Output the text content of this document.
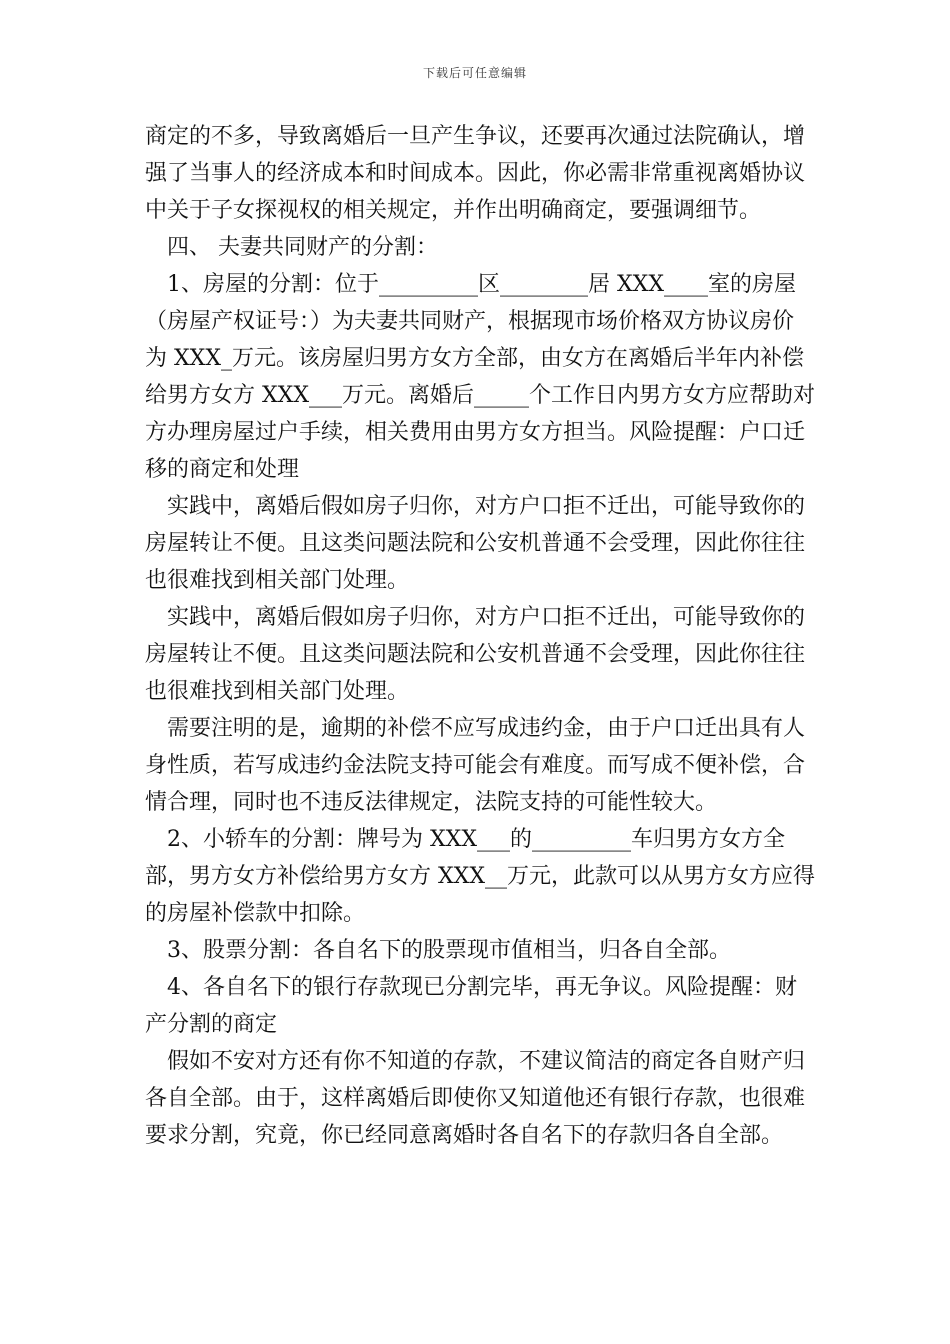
下载后可任意编辑

商定的不多，导致离婚后一旦产生争议，还要再次通过法院确认，增强了当事人的经济成本和时间成本。因此，你必需非常重视离婚协议中关于子女探视权的相关规定，并作出明确商定，要强调细节。

四、 夫妻共同财产的分割：

1、房屋的分割：位于_________区________居 XXX____室的房屋（房屋产权证号：）为夫妻共同财产，根据现市场价格双方协议房价为 XXX_万元。该房屋归男方女方全部，由女方在离婚后半年内补偿给男方女方 XXX___万元。离婚后_____个工作日内男方女方应帮助对方办理房屋过户手续，相关费用由男方女方担当。风险提醒：户口迁移的商定和处理

实践中，离婚后假如房子归你，对方户口拒不迁出，可能导致你的房屋转让不便。且这类问题法院和公安机普通不会受理，因此你往往也很难找到相关部门处理。

实践中，离婚后假如房子归你，对方户口拒不迁出，可能导致你的房屋转让不便。且这类问题法院和公安机普通不会受理，因此你往往也很难找到相关部门处理。

需要注明的是，逾期的补偿不应写成违约金，由于户口迁出具有人身性质，若写成违约金法院支持可能会有难度。而写成不便补偿，合情合理，同时也不违反法律规定，法院支持的可能性较大。

2、小轿车的分割：牌号为 XXX___的_________车归男方女方全部，男方女方补偿给男方女方 XXX__万元，此款可以从男方女方应得的房屋补偿款中扣除。

3、股票分割：各自名下的股票现市值相当，归各自全部。

4、各自名下的银行存款现已分割完毕，再无争议。风险提醒：财产分割的商定

假如不安对方还有你不知道的存款，不建议简洁的商定各自财产归各自全部。由于，这样离婚后即使你又知道他还有银行存款，也很难要求分割，究竟，你已经同意离婚时各自名下的存款归各自全部。
